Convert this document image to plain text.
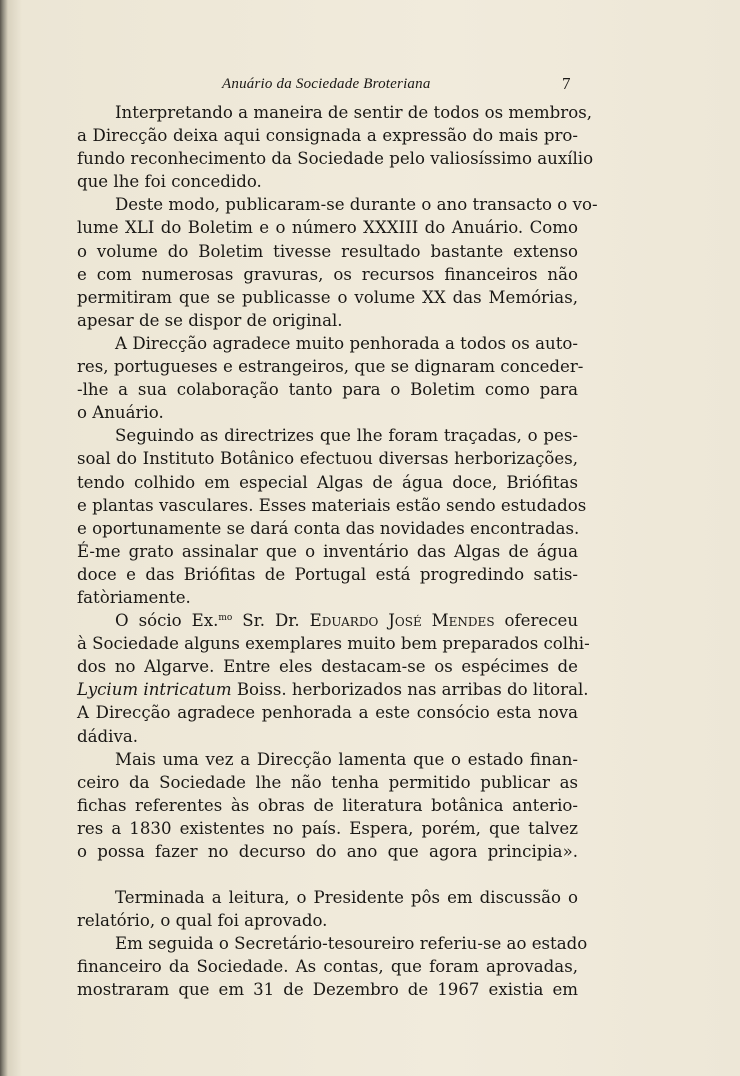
Anuário da Sociedade Broteriana	7
Interpretando a maneira de sentir de todos os membros,
a Direcção deixa aqui consignada a expressão do mais pro-
fundo reconhecimento da Sociedade pelo valiosíssimo auxílio
que lhe foi concedido.
Deste modo, publicaram-se durante o ano transacto o vo-
lume XLI do Boletim e o número XXXIII do Anuário. Como
o volume do Boletim tivesse resultado bastante extenso
e com numerosas gravuras, os recursos financeiros não
permitiram que se publicasse o volume XX das Memórias,
apesar de se dispor de original.
A Direcção agradece muito penhorada a todos os auto-
res, portugueses e estrangeiros, que se dignaram conceder-
-lhe a sua colaboração tanto para o Boletim como para
o Anuário.
Seguindo as directrizes que lhe foram traçadas, o pes-
soal do Instituto Botânico efectuou diversas herborizações,
tendo colhido em especial Algas de água doce, Briófitas
e plantas vasculares. Esses materiais estão sendo estudados
e oportunamente se dará conta das novidades encontradas.
É-me grato assinalar que o inventário das Algas de água
doce e das Briófitas de Portugal está progredindo satis-
fatòriamente.
O sócio Ex.$^{mo}$ Sr. Dr. Eduardo José Mendes ofereceu
à Sociedade alguns exemplares muito bem preparados colhi-
dos no Algarve. Entre eles destacam-se os espécimes de
Lycium intricatum Boiss. herborizados nas arribas do litoral.
A Direcção agradece penhorada a este consócio esta nova
dádiva.
Mais uma vez a Direcção lamenta que o estado finan-
ceiro da Sociedade lhe não tenha permitido publicar as
fichas referentes às obras de literatura botânica anterio-
res a 1830 existentes no país. Espera, porém, que talvez
o possa fazer no decurso do ano que agora principia».
Terminada a leitura, o Presidente pôs em discussão o
relatório, o qual foi aprovado.
Em seguida o Secretário-tesoureiro referiu-se ao estado
financeiro da Sociedade. As contas, que foram aprovadas,
mostraram que em 31 de Dezembro de 1967 existia em
